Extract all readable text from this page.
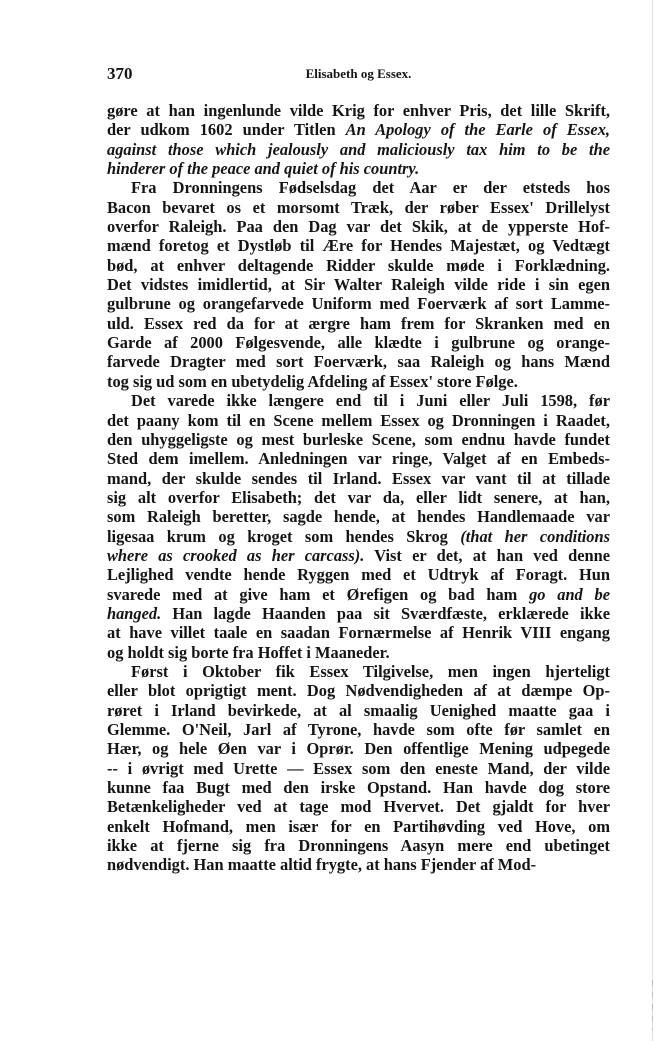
370	Elisabeth og Essex.
gøre at han ingenlunde vilde Krig for enhver Pris, det lille Skrift,
der udkom 1602 under Titlen An Apology of the Earle of Essex,
against those which jealously and maliciously tax him to be the
hinderer of the peace and quiet of his country.
Fra Dronningens Fødselsdag det Aar er der etsteds hos
Bacon bevaret os et morsomt Træk, der røber Essex' Drillelyst
overfor Raleigh. Paa den Dag var det Skik, at de ypperste Hof-
mænd foretog et Dystløb til Ære for Hendes Majestæt, og Vedtægt
bød, at enhver deltagende Ridder skulde møde i Forklædning.
Det vidstes imidlertid, at Sir Walter Raleigh vilde ride i sin egen
gulbrune og orangefarvede Uniform med Foerværk af sort Lamme-
uld. Essex red da for at ærgre ham frem for Skranken med en
Garde af 2000 Følgesvende, alle klædte i gulbrune og orange-
farvede Dragter med sort Foerværk, saa Raleigh og hans Mænd
tog sig ud som en ubetydelig Afdeling af Essex' store Følge.
Det varede ikke længere end til i Juni eller Juli 1598, før
det paany kom til en Scene mellem Essex og Dronningen i Raadet,
den uhyggeligste og mest burleske Scene, som endnu havde fundet
Sted dem imellem. Anledningen var ringe, Valget af en Embeds-
mand, der skulde sendes til Irland. Essex var vant til at tillade
sig alt overfor Elisabeth; det var da, eller lidt senere, at han,
som Raleigh beretter, sagde hende, at hendes Handlemaade var
ligesaa krum og kroget som hendes Skrog (that her conditions
where as crooked as her carcass). Vist er det, at han ved denne
Lejlighed vendte hende Ryggen med et Udtryk af Foragt. Hun
svarede med at give ham et Ørefigen og bad ham go and be
hanged. Han lagde Haanden paa sit Sværdfæste, erklærede ikke
at have villet taale en saadan Fornærmelse af Henrik VIII engang
og holdt sig borte fra Hoffet i Maaneder.
Først i Oktober fik Essex Tilgivelse, men ingen hjerteligt
eller blot oprigtigt ment. Dog Nødvendigheden af at dæmpe Op-
røret i Irland bevirkede, at al smaalig Uenighed maatte gaa i
Glemme. O'Neil, Jarl af Tyrone, havde som ofte før samlet en
Hær, og hele Øen var i Oprør. Den offentlige Mening udpegede
-- i øvrigt med Urette — Essex som den eneste Mand, der vilde
kunne faa Bugt med den irske Opstand. Han havde dog store
Betænkeligheder ved at tage mod Hvervet. Det gjaldt for hver
enkelt Hofmand, men især for en Partihøvding ved Hove, om
ikke at fjerne sig fra Dronningens Aasyn mere end ubetinget
nødvendigt. Han maatte altid frygte, at hans Fjender af Mod-
